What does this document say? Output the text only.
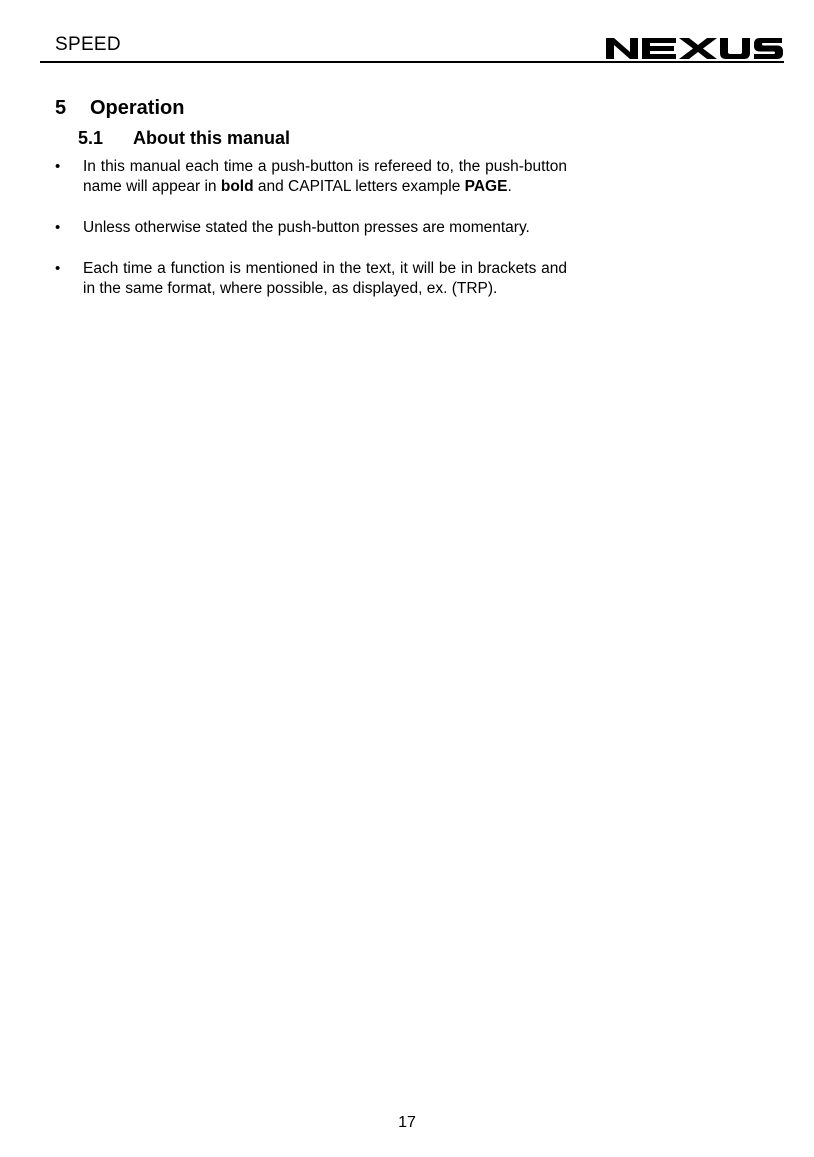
SPEED
5 Operation
5.1 About this manual
•	In this manual each time a push-button is refereed to, the push-button name will appear in bold and CAPITAL letters example PAGE.
•	Unless otherwise stated the push-button presses are momentary.
•	Each time a function is mentioned in the text, it will be in brackets and in the same format, where possible, as displayed, ex. (TRP).
17
